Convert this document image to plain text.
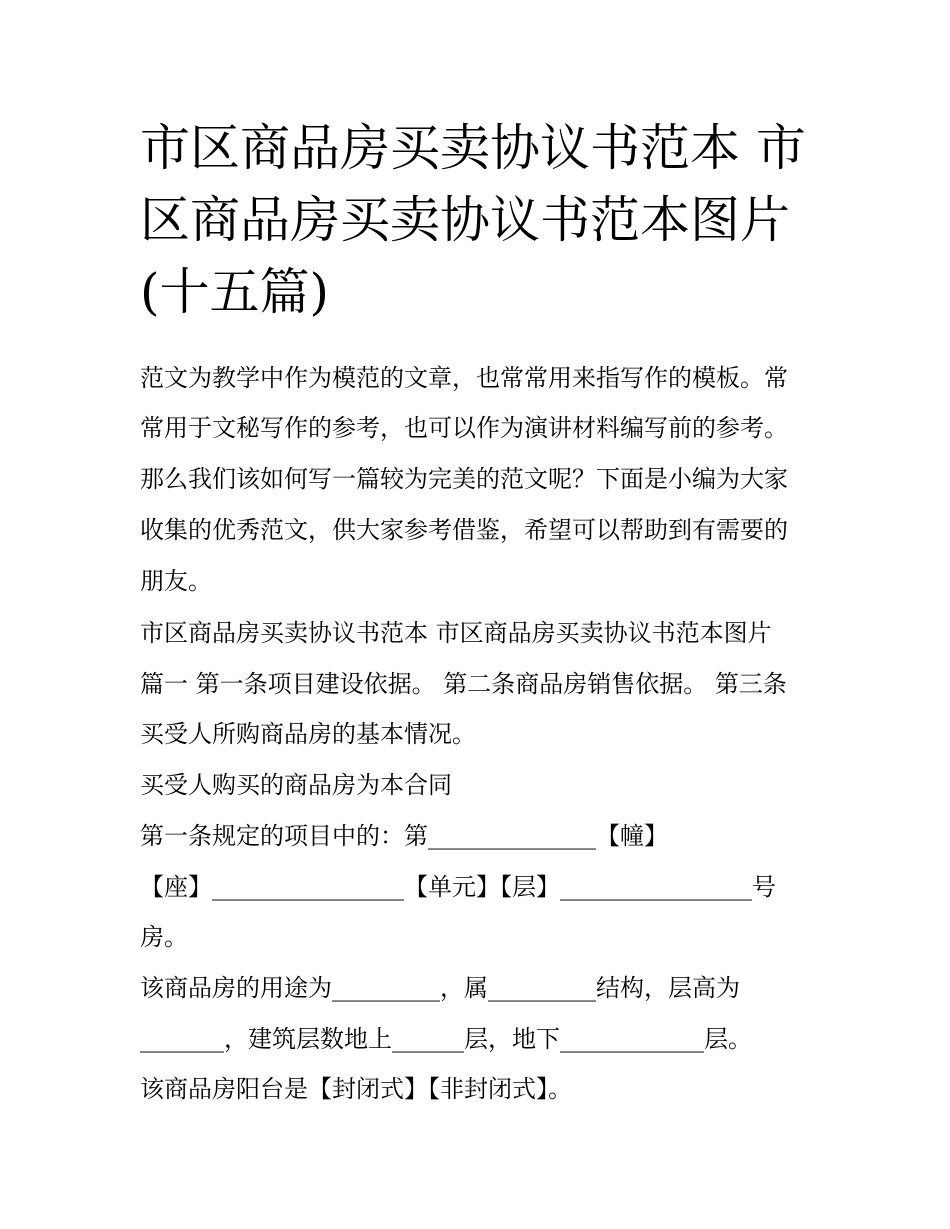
市区商品房买卖协议书范本 市
区商品房买卖协议书范本图片
(十五篇)

范文为教学中作为模范的文章，也常常用来指写作的模板。常

常用于文秘写作的参考，也可以作为演讲材料编写前的参考。

那么我们该如何写一篇较为完美的范文呢？下面是小编为大家

收集的优秀范文，供大家参考借鉴，希望可以帮助到有需要的

朋友。

市区商品房买卖协议书范本 市区商品房买卖协议书范本图片

篇一 第一条项目建设依据。 第二条商品房销售依据。 第三条

买受人所购商品房的基本情况。

买受人购买的商品房为本合同

第一条规定的项目中的：第______________【幢】

【座】________________【单元】【层】________________号

房。

该商品房的用途为_________，属_________结构，层高为

_______，建筑层数地上______层，地下____________层。

该商品房阳台是【封闭式】【非封闭式】。
